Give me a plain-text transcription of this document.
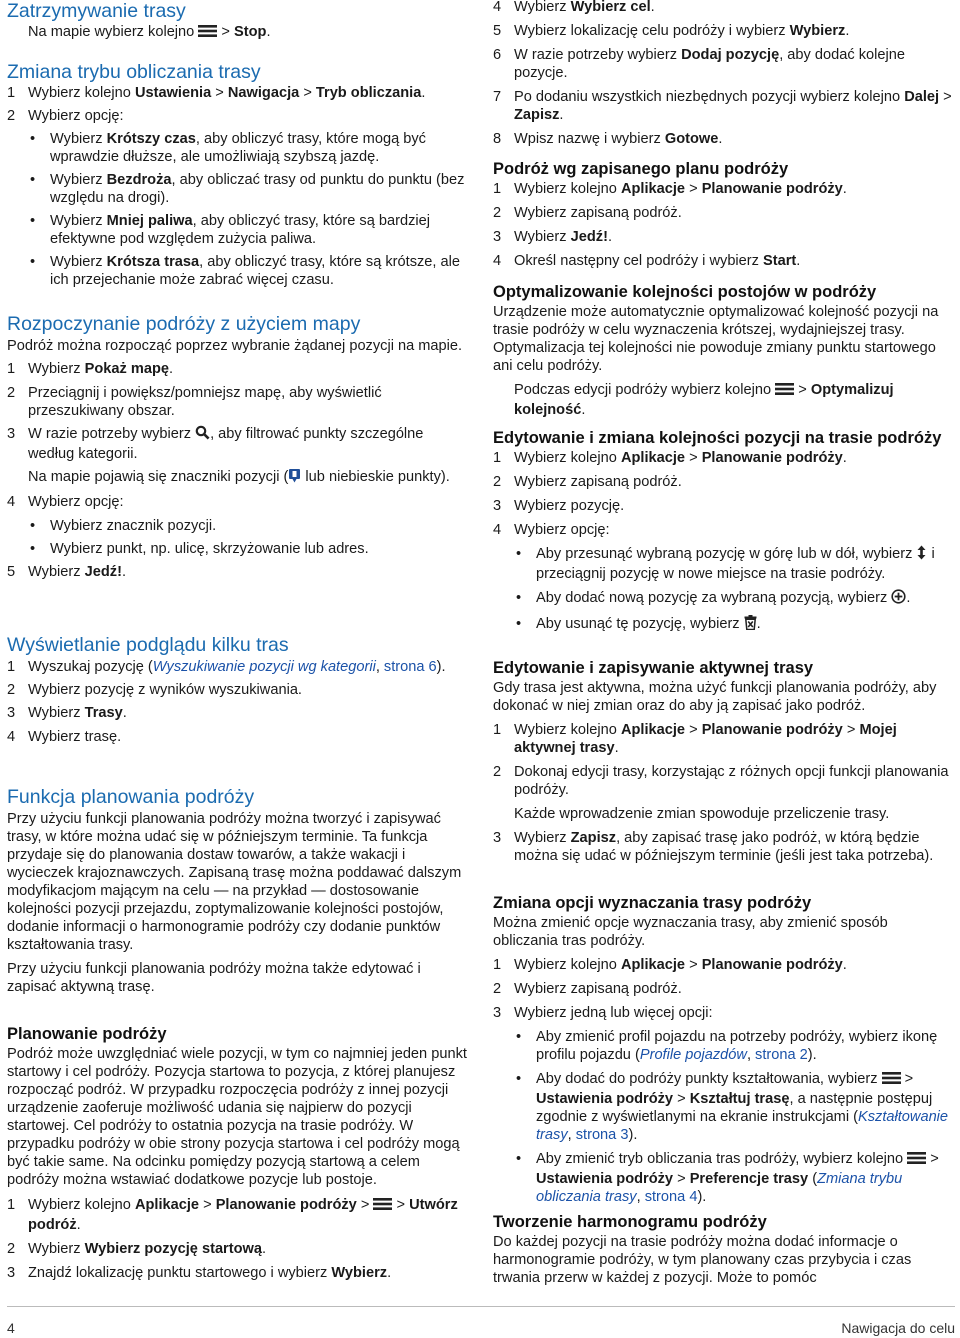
Zatrzymywanie trasy

Na mapie wybierz kolejno > Stop.

Zmiana trybu obliczania trasy
1 Wybierz kolejno Ustawienia > Nawigacja > Tryb obliczania.
2 Wybierz opcję:
• Wybierz Krótszy czas, aby obliczyć trasy, które mogą być wprawdzie dłuższe, ale umożliwiają szybszą jazdę.
• Wybierz Bezdroża, aby obliczać trasy od punktu do punktu (bez względu na drogi).
• Wybierz Mniej paliwa, aby obliczyć trasy, które są bardziej efektywne pod względem zużycia paliwa.
• Wybierz Krótsza trasa, aby obliczyć trasy, które są krótsze, ale ich przejechanie może zabrać więcej czasu.
Rozpoczynanie podróży z użyciem mapy

Podróż można rozpocząć poprzez wybranie żądanej pozycji na mapie.

1 Wybierz Pokaż mapę.
2 Przeciągnij i powiększ/pomniejsz mapę, aby wyświetlić przeszukiwany obszar.
3 W razie potrzeby wybierz , aby filtrować punkty szczególne według kategorii.
Na mapie pojawią się znaczniki pozycji ( lub niebieskie punkty).
4 Wybierz opcję:
• Wybierz znacznik pozycji.
• Wybierz punkt, np. ulicę, skrzyżowanie lub adres.
5 Wybierz Jedź!.
Wyświetlanie podglądu kilku tras
1 Wyszukaj pozycję (Wyszukiwanie pozycji wg kategorii, strona 6).
2 Wybierz pozycję z wyników wyszukiwania.
3 Wybierz Trasy.
4 Wybierz trasę.
Funkcja planowania podróży

Przy użyciu funkcji planowania podróży można tworzyć i zapisywać trasy, w które można udać się w późniejszym terminie. Ta funkcja przydaje się do planowania dostaw towarów, a także wakacji i wycieczek krajoznawczych. Zapisaną trasę można poddawać dalszym modyfikacjom mającym na celu — na przykład — dostosowanie kolejności pozycji przejazdu, zoptymalizowanie kolejności postojów, dodanie informacji o harmonogramie podróży czy dodanie punktów kształtowania trasy.

Przy użyciu funkcji planowania podróży można także edytować i zapisać aktywną trasę.

Planowanie podróży

Podróż może uwzględniać wiele pozycji, w tym co najmniej jeden punkt startowy i cel podróży. Pozycja startowa to pozycja, z której planujesz rozpocząć podróż. W przypadku rozpoczęcia podróży z innej pozycji urządzenie zaoferuje możliwość udania się najpierw do pozycji startowej. Cel podróży to ostatnia pozycja na trasie podróży. W przypadku podróży w obie strony pozycja startowa i cel podróży mogą być takie same. Na odcinku pomiędzy pozycją startową a celem podróży można wstawiać dodatkowe pozycje lub postoje.

1 Wybierz kolejno Aplikacje > Planowanie podróży > > Utwórz podróż.
2 Wybierz Wybierz pozycję startową.
3 Znajdź lokalizację punktu startowego i wybierz Wybierz.
4 Wybierz Wybierz cel.
5 Wybierz lokalizację celu podróży i wybierz Wybierz.
6 W razie potrzeby wybierz Dodaj pozycję, aby dodać kolejne pozycje.
7 Po dodaniu wszystkich niezbędnych pozycji wybierz kolejno Dalej > Zapisz.
8 Wpisz nazwę i wybierz Gotowe.
Podróż wg zapisanego planu podróży
1 Wybierz kolejno Aplikacje > Planowanie podróży.
2 Wybierz zapisaną podróż.
3 Wybierz Jedź!.
4 Określ następny cel podróży i wybierz Start.
Optymalizowanie kolejności postojów w podróży

Urządzenie może automatycznie optymalizować kolejność pozycji na trasie podróży w celu wyznaczenia krótszej, wydajniejszej trasy. Optymalizacja tej kolejności nie powoduje zmiany punktu startowego ani celu podróży.

Podczas edycji podróży wybierz kolejno > Optymalizuj kolejność.
Edytowanie i zmiana kolejności pozycji na trasie podróży
1 Wybierz kolejno Aplikacje > Planowanie podróży.
2 Wybierz zapisaną podróż.
3 Wybierz pozycję.
4 Wybierz opcję:
• Aby przesunąć wybraną pozycję w górę lub w dół, wybierz  i przeciągnij pozycję w nowe miejsce na trasie podróży.
• Aby dodać nową pozycję za wybraną pozycją, wybierz .
• Aby usunąć tę pozycję, wybierz .
Edytowanie i zapisywanie aktywnej trasy

Gdy trasa jest aktywna, można użyć funkcji planowania podróży, aby dokonać w niej zmian oraz do aby ją zapisać jako podróż.

1 Wybierz kolejno Aplikacje > Planowanie podróży > Mojej aktywnej trasy.
2 Dokonaj edycji trasy, korzystając z różnych opcji funkcji planowania podróży.
Każde wprowadzenie zmian spowoduje przeliczenie trasy.
3 Wybierz Zapisz, aby zapisać trasę jako podróż, w którą będzie można się udać w późniejszym terminie (jeśli jest taka potrzeba).
Zmiana opcji wyznaczania trasy podróży

Można zmienić opcje wyznaczania trasy, aby zmienić sposób obliczania tras podróży.

1 Wybierz kolejno Aplikacje > Planowanie podróży.
2 Wybierz zapisaną podróż.
3 Wybierz jedną lub więcej opcji:
• Aby zmienić profil pojazdu na potrzeby podróży, wybierz ikonę profilu pojazdu (Profile pojazdów, strona 2).
• Aby dodać do podróży punkty kształtowania, wybierz > Ustawienia podróży > Kształtuj trasę, a następnie postępuj zgodnie z wyświetlanymi na ekranie instrukcjami (Kształtowanie trasy, strona 3).
• Aby zmienić tryb obliczania tras podróży, wybierz kolejno > Ustawienia podróży > Preferencje trasy (Zmiana trybu obliczania trasy, strona 4).
Tworzenie harmonogramu podróży

Do każdej pozycji na trasie podróży można dodać informacje o harmonogramie podróży, w tym planowany czas przybycia i czas trwania przerw w każdej z pozycji. Może to pomóc

4	Nawigacja do celu
